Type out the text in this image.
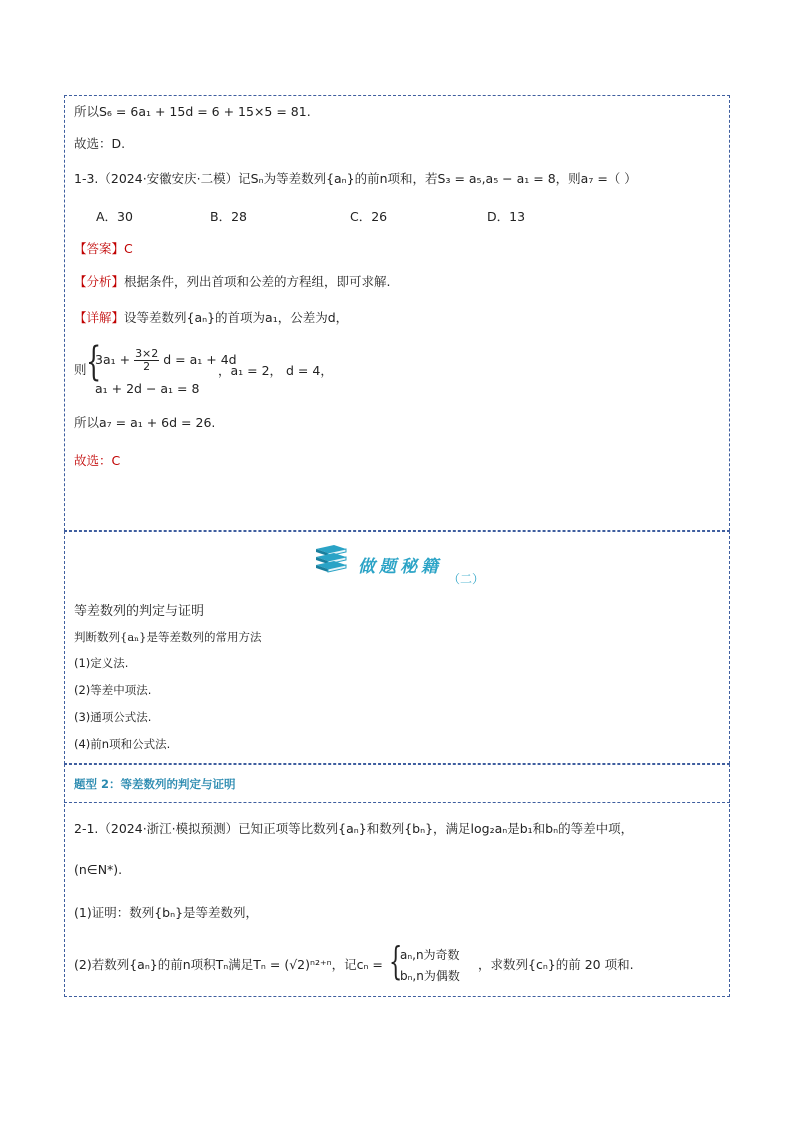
所以S₆ = 6a₁ + 15d = 6 + 15×5 = 81.
故选：D.
1-3.（2024·安徽安庆·二模）记Sₙ为等差数列{aₙ}的前n项和，若S₃ = a₅,a₅ − a₁ = 8，则a₇ =（ ）
A．30	B．28	C．26	D．13
【答案】C
【分析】根据条件，列出首项和公差的方程组，即可求解.
【详解】设等差数列{aₙ}的首项为a₁，公差为d，
则 {
$3a_1 + \frac{3\times 2}{2}$ d = a₁ + 4d
a₁ + 2d − a₁ = 8
，a₁ = 2， d = 4，
所以a₇ = a₁ + 6d = 26.
故选：C
做题秘籍
（二）
等差数列的判定与证明
判断数列{aₙ}是等差数列的常用方法
(1)定义法.
(2)等差中项法.
(3)通项公式法.
(4)前n项和公式法.
题型 2：等差数列的判定与证明
2-1.（2024·浙江·模拟预测）已知正项等比数列{aₙ}和数列{bₙ}，满足log₂aₙ是b₁和bₙ的等差中项，
(n∈N*).
(1)证明：数列{bₙ}是等差数列，
(2)若数列{aₙ}的前n项积Tₙ满足Tₙ = (√2)ⁿ²⁺ⁿ，记cₙ = {
aₙ,n为奇数
bₙ,n为偶数
，求数列{cₙ}的前 20 项和.
